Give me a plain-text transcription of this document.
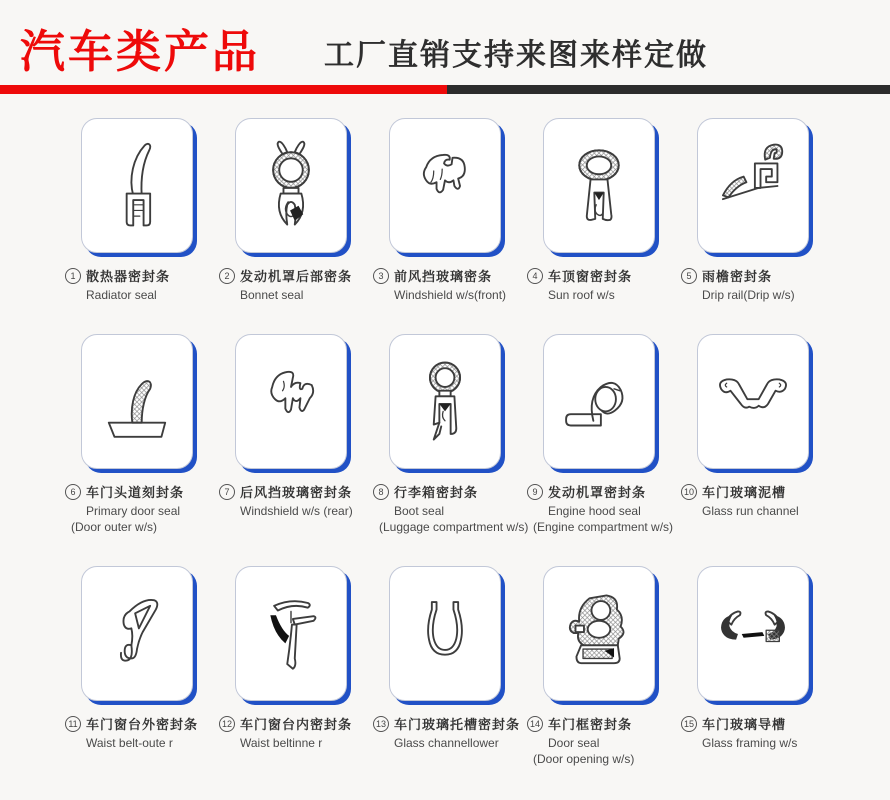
汽车类产品 工厂直销支持来图来样定做
1 散热器密封条
Radiator seal
2 发动机罩后部密条
Bonnet seal
3 前风挡玻璃密条
Windshield w/s(front)
4 车顶窗密封条
Sun roof w/s
5 雨檐密封条
Drip rail(Drip w/s)
6 车门头道刻封条
Primary door seal
(Door outer w/s)
7 后风挡玻璃密封条
Windshield w/s (rear)
8 行李箱密封条
Boot seal
(Luggage compartment w/s)
9 发动机罩密封条
Engine hood seal
(Engine compartment w/s)
10 车门玻璃泥槽
Glass run channel
11 车门窗台外密封条
Waist belt-oute r
12 车门窗台内密封条
Waist beltinne r
13 车门玻璃托槽密封条
Glass channellower
14 车门框密封条
Door seal
(Door opening w/s)
15 车门玻璃导槽
Glass framing w/s
